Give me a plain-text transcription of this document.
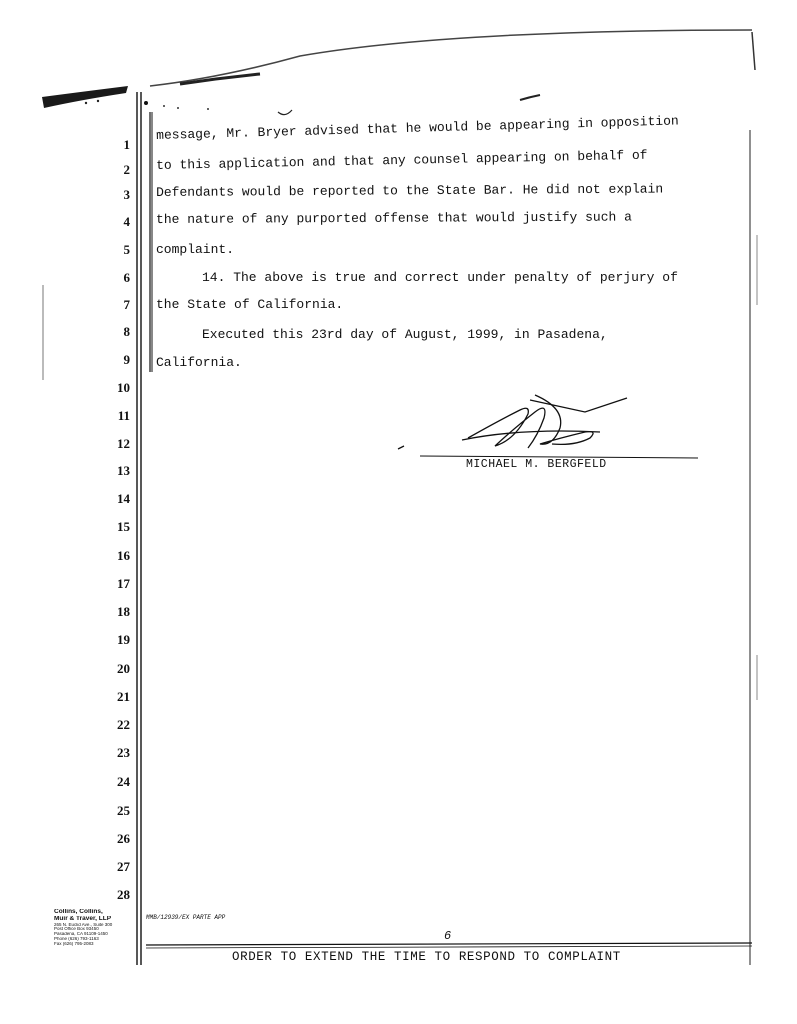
1
2
3
4
5
6
7
8
9
10
11
12
13
14
15
16
17
18
19
20
21
22
23
24
25
26
27
28
message, Mr. Bryer advised that he would be appearing in opposition
to this application and that any counsel appearing on behalf of
Defendants would be reported to the State Bar. He did not explain
the nature of any purported offense that would justify such a
complaint.
14. The above is true and correct under penalty of perjury of
the State of California.
Executed this 23rd day of August, 1999, in Pasadena,
California.
MICHAEL M. BERGFELD
Collins, Collins,
Muir & Traver, LLP
265 N. Euclid Ave., Suite 300
Post Office Box 93450
Pasadena, CA 91109-1450
Phone (626) 793-1163
Fax (626) 795-2083
MMB/12939/EX PARTE APP
6
ORDER TO EXTEND THE TIME TO RESPOND TO COMPLAINT
